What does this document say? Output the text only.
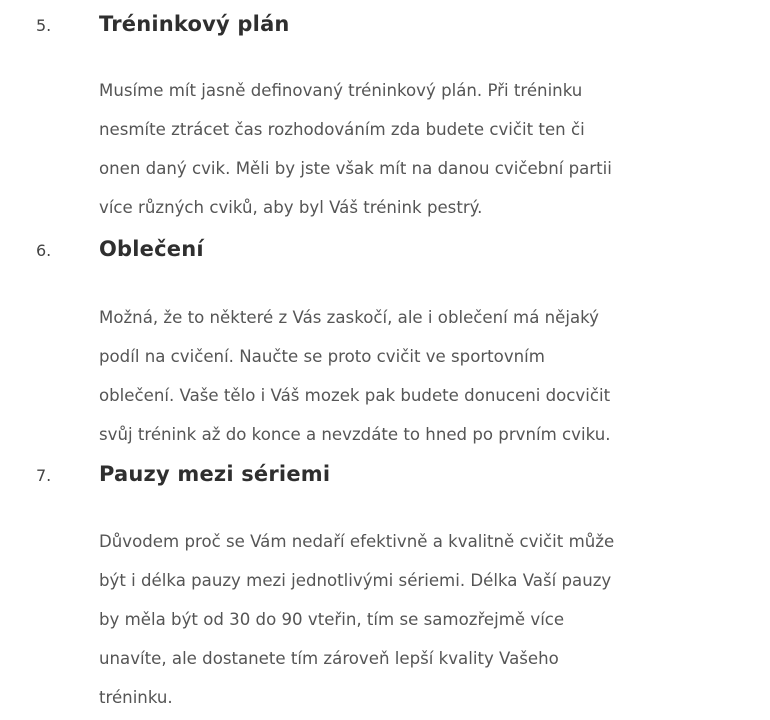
5. Tréninkový plán

Musíme mít jasně definovaný tréninkový plán. Při tréninku

nesmíte ztrácet čas rozhodováním zda budete cvičit ten či

onen daný cvik. Měli by jste však mít na danou cvičební partii

více různých cviků, aby byl Váš trénink pestrý.

6. Oblečení

Možná, že to některé z Vás zaskočí, ale i oblečení má nějaký

podíl na cvičení. Naučte se proto cvičit ve sportovním

oblečení. Vaše tělo i Váš mozek pak budete donuceni docvičit

svůj trénink až do konce a nevzdáte to hned po prvním cviku.

7. Pauzy mezi sériemi

Důvodem proč se Vám nedaří efektivně a kvalitně cvičit může

být i délka pauzy mezi jednotlivými sériemi. Délka Vaší pauzy

by měla být od 30 do 90 vteřin, tím se samozřejmě více

unavíte, ale dostanete tím zároveň lepší kvality Vašeho

tréninku.
